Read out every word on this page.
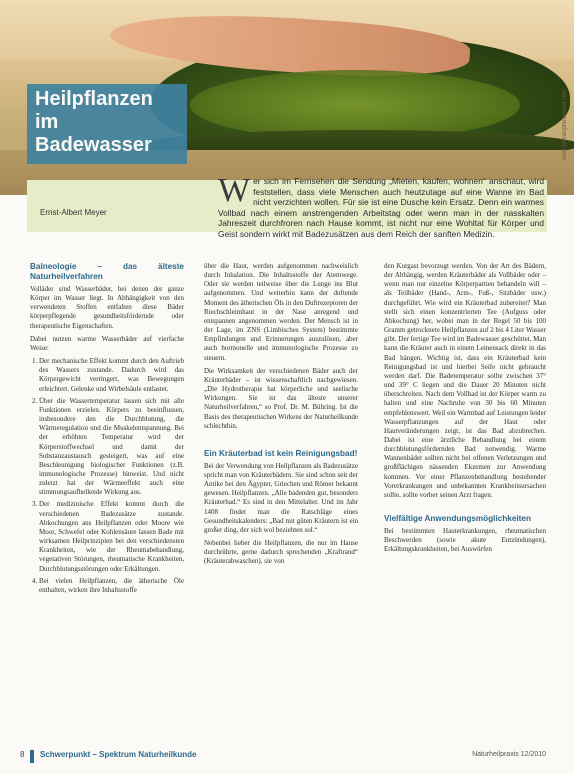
Abb: privat/photocase.com
Heilpflanzen im Badewasser
Ernst-Albert Meyer
W er sich im Fernsehen die Sendung „Mieten, kaufen, wohnen“ anschaut, wird feststellen, dass viele Menschen auch heutzutage auf eine Wanne im Bad nicht verzichten wollen. Für sie ist eine Dusche kein Ersatz. Denn ein warmes Vollbad nach einem anstrengenden Arbeitstag oder wenn man in der nasskalten Jahreszeit durchfroren nach Hause kommt, ist nicht nur eine Wohltat für Körper und Geist sondern wirkt mit Badezusätzen aus dem Reich der sanften Medizin.
Balneologie – das älteste Naturheilverfahren

Volläder sind Wasserbäder, bei denen der ganze Körper im Wasser liegt. In Abhängigkeit von den verwendeten Stoffen entfalten diese Bäder körperpflegende gesundheitsfördernde oder therapeutische Eigenschaften.

Dabei nutzen warme Wasserbäder auf vierfache Weise:

1. Der mechanische Effekt kommt durch den Auftrieb des Wassers zustande. Dadurch wird das Körpergewicht verringert, was Bewegungen erleichtert. Gelenke und Wirbelsäule entlastet.
2. Über die Wassertemperatur lassen sich mit alle Funktionen erzielen. Körpers zu beeinflussen, insbesondere den die Durchblutung, die Wärmeregulation und die Muskelentspannung. Bei der erhöhten Temperatur wird der Körperstoffwechsel und damit der Substanzaustausch gesteigert, was auf eine Beschleunigung biologischer Funktionen (z.B. immunologische Prozesse) hinweist. Und nicht zuletzt hat der Wärmeeffekt auch eine stimmungsaufhellende Wirkung aus.
3. Der medizinische Effekt kommt durch die verschiedenen Badezusätze zustande. Abkochungen aus Heilpflanzen oder Moore wie Moor, Schwefel oder Kohlensäure lassen Bade mit wirksamen Heilprinzipien bei den verschiedensten Krankheiten, wie der Rheumabehandlung, vegetativen Störungen, rheumatische Krankheiten, Durchblutungsstörungen oder Erkältungen.
4. Bei vielen Heilpflanzen, die ätherische Öle enthalten, wirken ihre Inhaltsstoffe

über die Haut, werden aufgenommen nachweislich durch Inhalation. Die Inhaltsstoffe der Atemwege. Oder sie werden teilweise über die Lunge ins Blut aufgenommen. Und weiterhin kann der duftende Moment des ätherischen Öls in den Duftrezeptoren der Riechschleimhaut in der Nase anregend und entspannen angenommen werden. Der Mensch ist in der Lage, im ZNS (Limbisches System) bestimmte Empfindungen und Erinnerungen auszulösen, aber auch hormonelle und immunologische Prozesse zu steuern.

Die Wirksamkeit der verschiedenen Bäder auch der Kräuterbäder – ist wissenschaftlich nachgewiesen. „Die Hydrotherapie hat körperliche und seelische Wirkungen. Sie ist das älteste unserer Naturheilverfahren,“ so Prof. Dr. M. Bühring. Ist die Basis des therapeutischen Wirkens der Naturheilkunde schlechthin.

Ein Kräuterbad ist kein Reinigungsbad!

Bei der Verwendung von Heilpflanzen als Badezusätze spricht man von Kräuterbädern. Sie sind schon seit der Antike bei den Ägypter, Griechen und Römer bekannt gewesen. Heilpflanzen. „Alle badenden gut, besonders Kräuterbad.“ Es sind in den Mittelalter. Und im Jahr 1408 findet man die Ratschläge eines Gesundheitskalenders: „Bad mit güten Kräutern ist ein großer ding, der sich wol beziehten sol.“

Nebenbei lieber die Heilpflanzen, die nur im Hause durchrührte, gerne dadurch sprechenden „Kraftrand“ (Kräuterabwaschen), sie von

den Kurgast bevorzugt werden. Von der Art des Bädern, der Abhängig, werden Kräuterbäder als Vollbäder oder – wenn man nur einzelne Körperpartien behandeln will – als Teilbäder (Hand-, Arm-, Fuß-, Sitzbäder usw.) durchgeführt. Wie wird ein Kräuterbad zubereitet? Man stellt sich einen konzentrierten Tee (Aufguss oder Abkochung) her, wobei man in der Regel 50 bis 100 Gramm getrocknete Heilpflanzen auf 2 bis 4 Liter Wasser gibt. Der fertige Tee wird im Badewasser geschüttet. Man kann die Kräuter auch in einem Leinensack direkt in das Bad hängen. Wichtig ist, dass ein Kräuterbad kein Reinigungsbad ist und hierbei Seife nicht gebraucht werden darf. Die Badetemperatur sollte zwischen 37° und 39° C liegen und die Dauer 20 Minuten nicht überschreiten. Nach dem Vollbad ist der Körper warm zu halten und eine Nachruhe von 30 bis 60 Minuten empfehlenswert. Weil ein Warmbad auf Leistungen leider Wasserpflanzungen auf der Haut oder Hautveränderungen zeigt, ist das Bad abzubrechen. Dabei ist eine ärztliche Behandlung bei einem durchblutungsfördernden Bad notwendig. Warme Wannenbäder sollten nicht bei offenen Verletzungen und großflächigen nässenden Ekzemen zur Anwendung kommen. Vor einer Pflanzenbehandlung bestehender Vorerkrankungen und unbekannten Krankheitsursachen sollte, sollte vorher seinen Arzt fragen.

Vielfältige Anwendungsmöglichkeiten

Bei bestimmten Hauterkrankungen, rheumatischen Beschwerden (sowie akute Entzündungen), Erkältungskrankheiten, bei Auswürfen

8 Schwerpunkt – Spektrum Naturheilkunde	Naturheilpraxis 12/2010
